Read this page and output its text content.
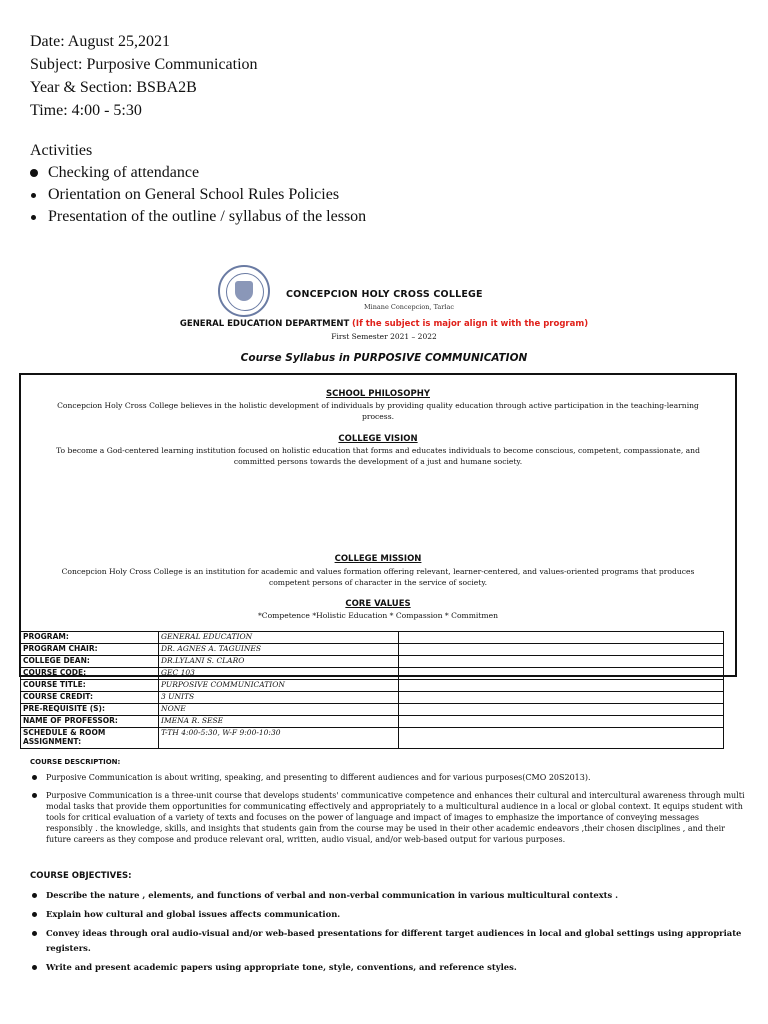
Date: August 25,2021
Subject: Purposive Communication
Year & Section: BSBA2B
Time: 4:00 - 5:30
Activities
Checking of attendance
Orientation on General School Rules Policies
Presentation of the outline / syllabus of the lesson
CONCEPCION HOLY CROSS COLLEGE
Minane Concepcion, Tarlac
GENERAL EDUCATION DEPARTMENT (If the subject is major align it with the program)
First Semester 2021 – 2022
Course Syllabus in PURPOSIVE COMMUNICATION
SCHOOL PHILOSOPHY
Concepcion Holy Cross College believes in the holistic development of individuals by providing quality education through active participation in the teaching-learning process.
COLLEGE VISION
To become a God-centered learning institution focused on holistic education that forms and educates individuals to become conscious, competent, compassionate, and committed persons towards the development of a just and humane society.
COLLEGE MISSION
Concepcion Holy Cross College is an institution for academic and values formation offering relevant, learner-centered, and values-oriented programs that produces competent persons of character in the service of society.
CORE VALUES
*Competence *Holistic Education * Compassion * Commitmen
PROGRAM:	GENERAL EDUCATION	
PROGRAM CHAIR:	DR. AGNES A. TAGUINES	
COLLEGE DEAN:	DR.LYLANI S. CLARO	
COURSE CODE:	GEC 103	
COURSE TITLE:	PURPOSIVE COMMUNICATION	
COURSE CREDIT:	3 UNITS	
PRE-REQUISITE (S):	NONE	
NAME OF PROFESSOR:	IMENA R. SESE	
SCHEDULE & ROOM ASSIGNMENT:	T-TH 4:00-5:30, W-F 9:00-10:30	
COURSE DESCRIPTION:
Purposive Communication is about writing, speaking, and presenting to different audiences and for various purposes(CMO 20S2013).
Purposive Communication is a three-unit course that develops students' communicative competence and enhances their cultural and intercultural awareness through multi modal tasks that provide them opportunities for communicating effectively and appropriately to a multicultural audience in a local or global context. It equips student with tools for critical evaluation of a variety of texts and focuses on the power of language and impact of images to emphasize the importance of conveying messages responsibly . the knowledge, skills, and insights that students gain from the course may be used in their other academic endeavors ,their chosen disciplines , and their future careers as they compose and produce relevant oral, written, audio visual, and/or web-based output for various purposes.
COURSE OBJECTIVES:
Describe the nature , elements, and functions of verbal and non-verbal communication in various multicultural contexts .
Explain how cultural and global issues affects communication.
Convey ideas through oral audio-visual and/or web-based presentations for different target audiences in local and global settings using appropriate registers.
Write and present academic papers using appropriate tone, style, conventions, and reference styles.
